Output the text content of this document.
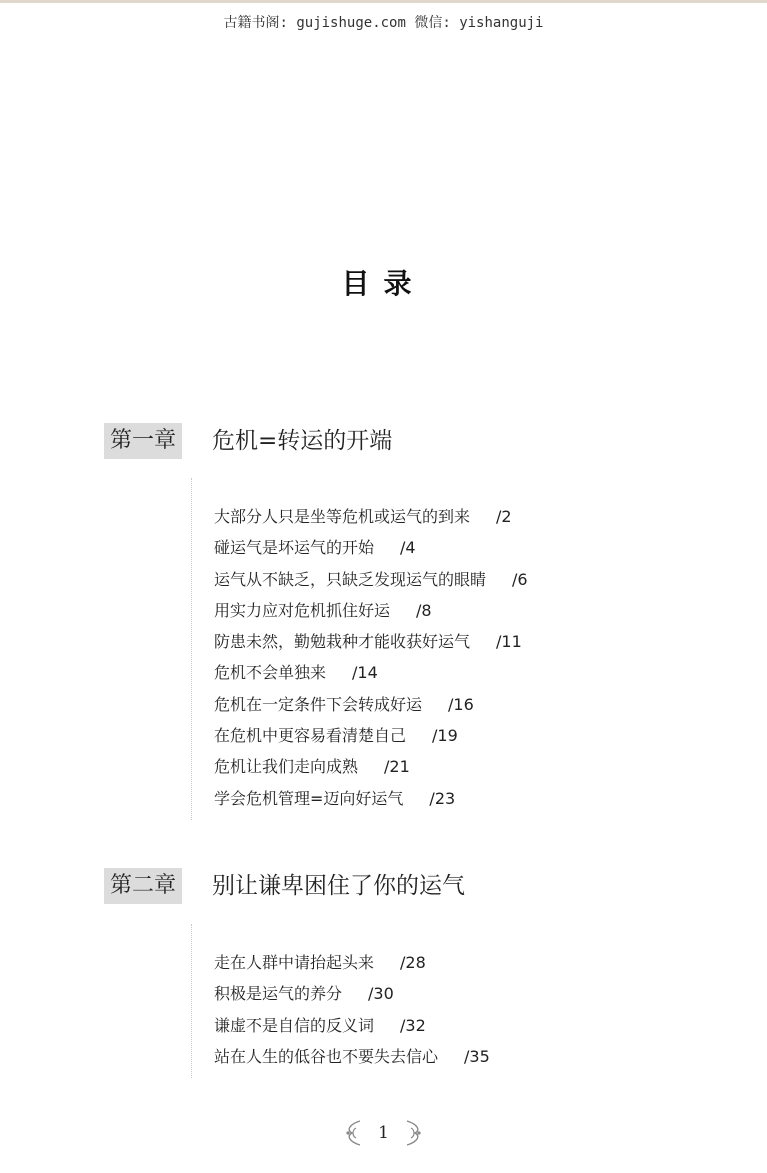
古籍书阁: gujishuge.com 微信: yishanguji
目录
第一章 危机=转运的开端
大部分人只是坐等危机或运气的到来 /2
碰运气是坏运气的开始 /4
运气从不缺乏，只缺乏发现运气的眼睛 /6
用实力应对危机抓住好运 /8
防患未然，勤勉栽种才能收获好运气 /11
危机不会单独来 /14
危机在一定条件下会转成好运 /16
在危机中更容易看清楚自己 /19
危机让我们走向成熟 /21
学会危机管理=迈向好运气 /23
第二章 别让谦卑困住了你的运气
走在人群中请抬起头来 /28
积极是运气的养分 /30
谦虚不是自信的反义词 /32
站在人生的低谷也不要失去信心 /35
1
